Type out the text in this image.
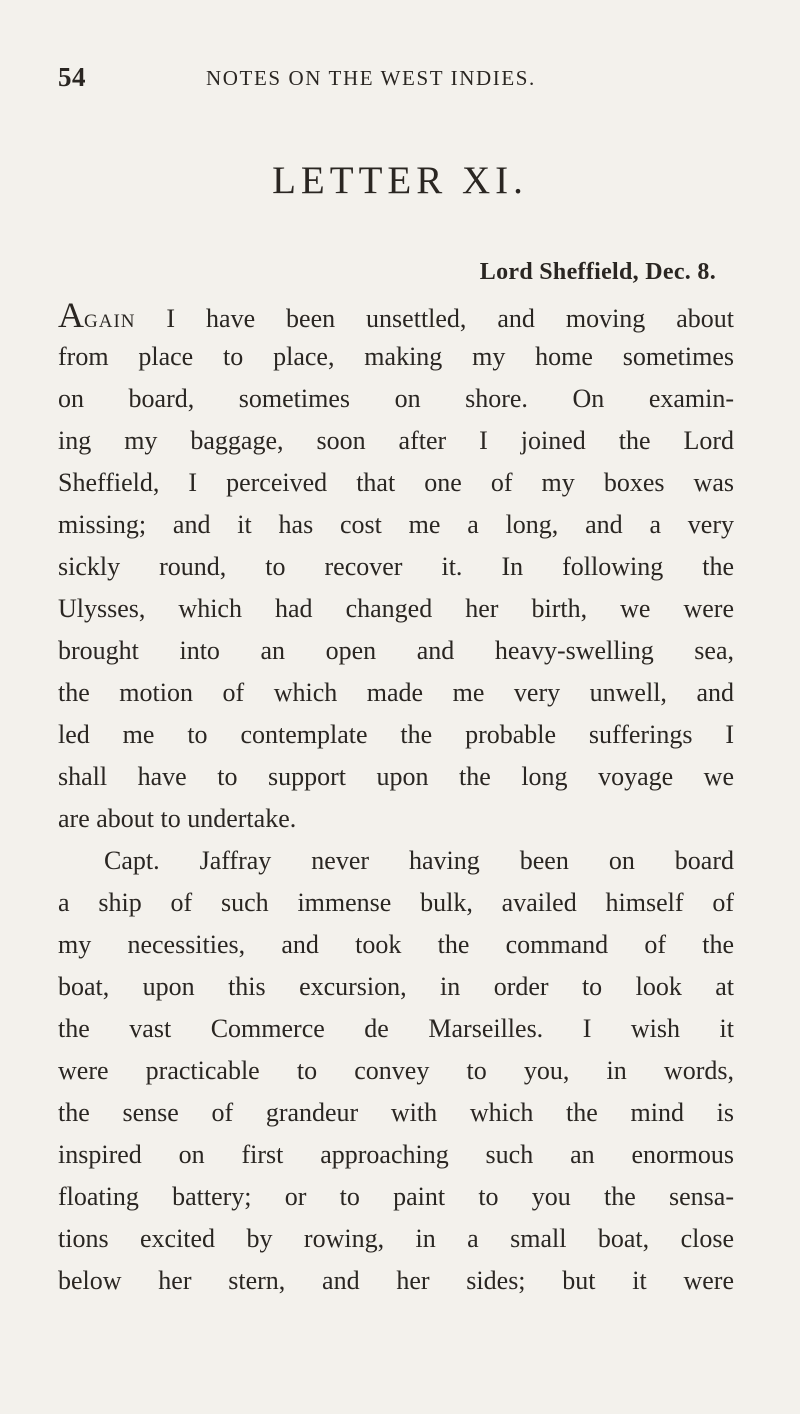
54	NOTES ON THE WEST INDIES.
LETTER XI.
Lord Sheffield, Dec. 8.
AGAIN I have been unsettled, and moving about
from place to place, making my home sometimes
on board, sometimes on shore. On examin-
ing my baggage, soon after I joined the Lord
Sheffield, I perceived that one of my boxes was
missing; and it has cost me a long, and a very
sickly round, to recover it. In following the
Ulysses, which had changed her birth, we were
brought into an open and heavy-swelling sea,
the motion of which made me very unwell, and
led me to contemplate the probable sufferings I
shall have to support upon the long voyage we
are about to undertake.
Capt. Jaffray never having been on board
a ship of such immense bulk, availed himself of
my necessities, and took the command of the
boat, upon this excursion, in order to look at
the vast Commerce de Marseilles. I wish it
were practicable to convey to you, in words,
the sense of grandeur with which the mind is
inspired on first approaching such an enormous
floating battery; or to paint to you the sensa-
tions excited by rowing, in a small boat, close
below her stern, and her sides; but it were
